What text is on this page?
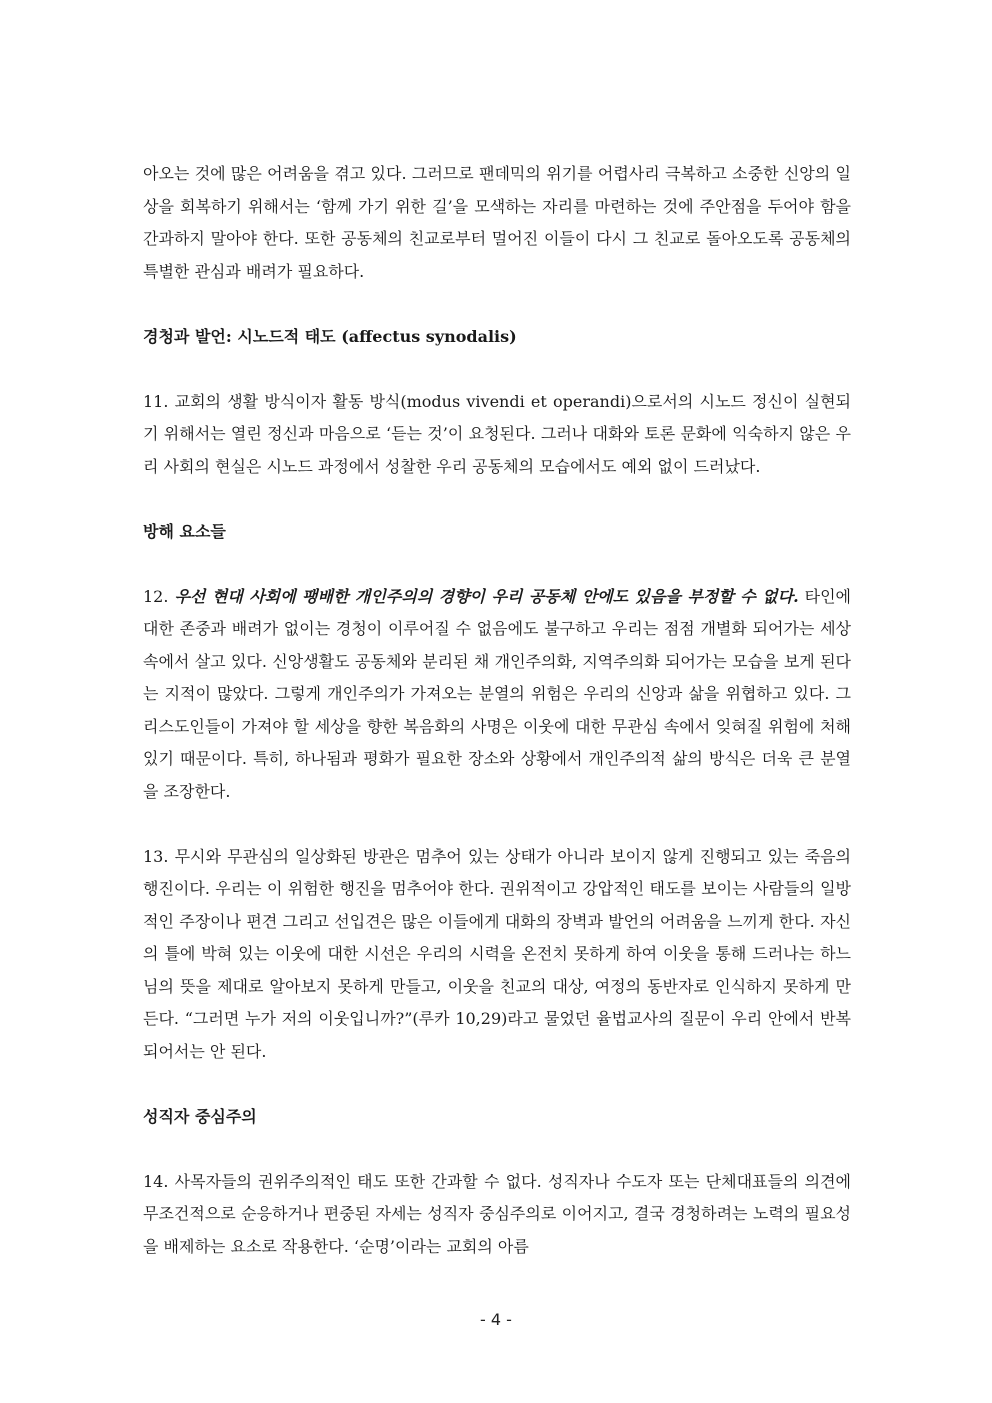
아오는 것에 많은 어려움을 겪고 있다. 그러므로 팬데믹의 위기를 어렵사리 극복하고 소중한 신앙의 일상을 회복하기 위해서는 ‘함께 가기 위한 길’을 모색하는 자리를 마련하는 것에 주안점을 두어야 함을 간과하지 말아야 한다. 또한 공동체의 친교로부터 멀어진 이들이 다시 그 친교로 돌아오도록 공동체의 특별한 관심과 배려가 필요하다.

경청과 발언: 시노드적 태도 (affectus synodalis)

11. 교회의 생활 방식이자 활동 방식(modus vivendi et operandi)으로서의 시노드 정신이 실현되기 위해서는 열린 정신과 마음으로 ‘듣는 것’이 요청된다. 그러나 대화와 토론 문화에 익숙하지 않은 우리 사회의 현실은 시노드 과정에서 성찰한 우리 공동체의 모습에서도 예외 없이 드러났다.

방해 요소들

12. 우선 현대 사회에 팽배한 개인주의의 경향이 우리 공동체 안에도 있음을 부정할 수 없다. 타인에 대한 존중과 배려가 없이는 경청이 이루어질 수 없음에도 불구하고 우리는 점점 개별화 되어가는 세상 속에서 살고 있다. 신앙생활도 공동체와 분리된 채 개인주의화, 지역주의화 되어가는 모습을 보게 된다는 지적이 많았다. 그렇게 개인주의가 가져오는 분열의 위험은 우리의 신앙과 삶을 위협하고 있다. 그리스도인들이 가져야 할 세상을 향한 복음화의 사명은 이웃에 대한 무관심 속에서 잊혀질 위험에 처해 있기 때문이다. 특히, 하나됨과 평화가 필요한 장소와 상황에서 개인주의적 삶의 방식은 더욱 큰 분열을 조장한다.

13. 무시와 무관심의 일상화된 방관은 멈추어 있는 상태가 아니라 보이지 않게 진행되고 있는 죽음의 행진이다. 우리는 이 위험한 행진을 멈추어야 한다. 권위적이고 강압적인 태도를 보이는 사람들의 일방적인 주장이나 편견 그리고 선입견은 많은 이들에게 대화의 장벽과 발언의 어려움을 느끼게 한다. 자신의 틀에 박혀 있는 이웃에 대한 시선은 우리의 시력을 온전치 못하게 하여 이웃을 통해 드러나는 하느님의 뜻을 제대로 알아보지 못하게 만들고, 이웃을 친교의 대상, 여정의 동반자로 인식하지 못하게 만든다. “그러면 누가 저의 이웃입니까?”(루카 10,29)라고 물었던 율법교사의 질문이 우리 안에서 반복되어서는 안 된다.

성직자 중심주의

14. 사목자들의 권위주의적인 태도 또한 간과할 수 없다. 성직자나 수도자 또는 단체대표들의 의견에 무조건적으로 순응하거나 편중된 자세는 성직자 중심주의로 이어지고, 결국 경청하려는 노력의 필요성을 배제하는 요소로 작용한다. ‘순명’이라는 교회의 아름

- 4 -
